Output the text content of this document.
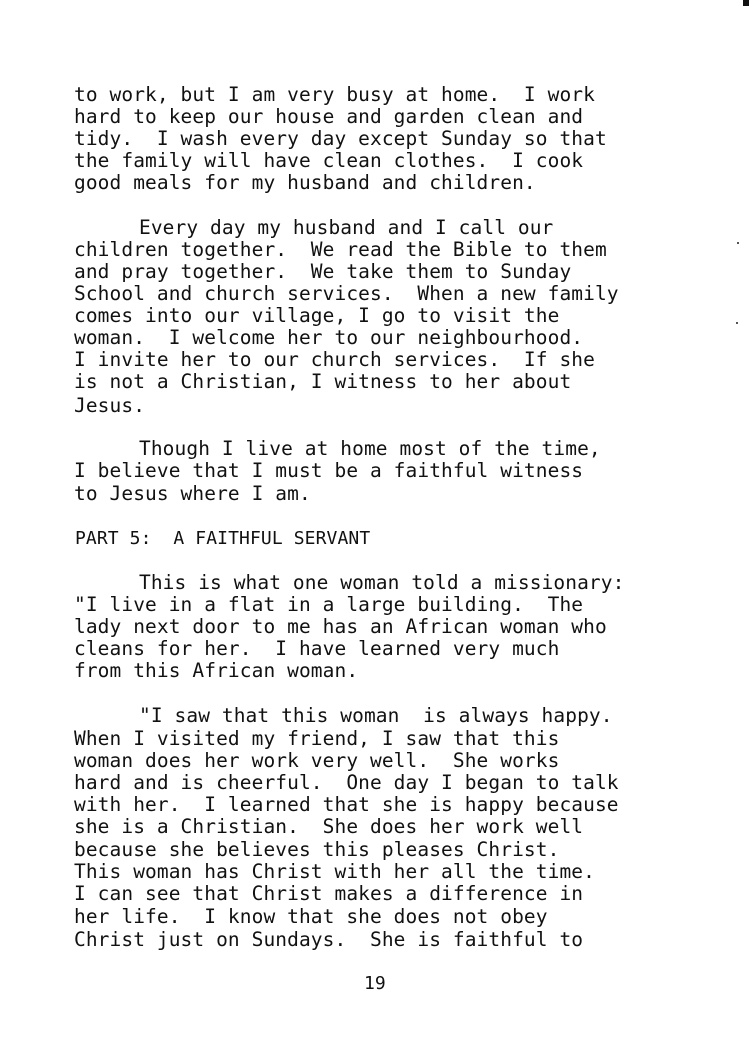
to work, but I am very busy at home.  I work
hard to keep our house and garden clean and
tidy.  I wash every day except Sunday so that
the family will have clean clothes.  I cook
good meals for my husband and children.
Every day my husband and I call our
children together.  We read the Bible to them
and pray together.  We take them to Sunday
School and church services.  When a new family
comes into our village, I go to visit the
woman.  I welcome her to our neighbourhood.
I invite her to our church services.  If she
is not a Christian, I witness to her about
Jesus.
Though I live at home most of the time,
I believe that I must be a faithful witness
to Jesus where I am.
PART 5:  A FAITHFUL SERVANT
This is what one woman told a missionary:
"I live in a flat in a large building.  The
lady next door to me has an African woman who
cleans for her.  I have learned very much
from this African woman.
"I saw that this woman  is always happy.
When I visited my friend, I saw that this
woman does her work very well.  She works
hard and is cheerful.  One day I began to talk
with her.  I learned that she is happy because
she is a Christian.  She does her work well
because she believes this pleases Christ.
This woman has Christ with her all the time.
I can see that Christ makes a difference in
her life.  I know that she does not obey
Christ just on Sundays.  She is faithful to
19
